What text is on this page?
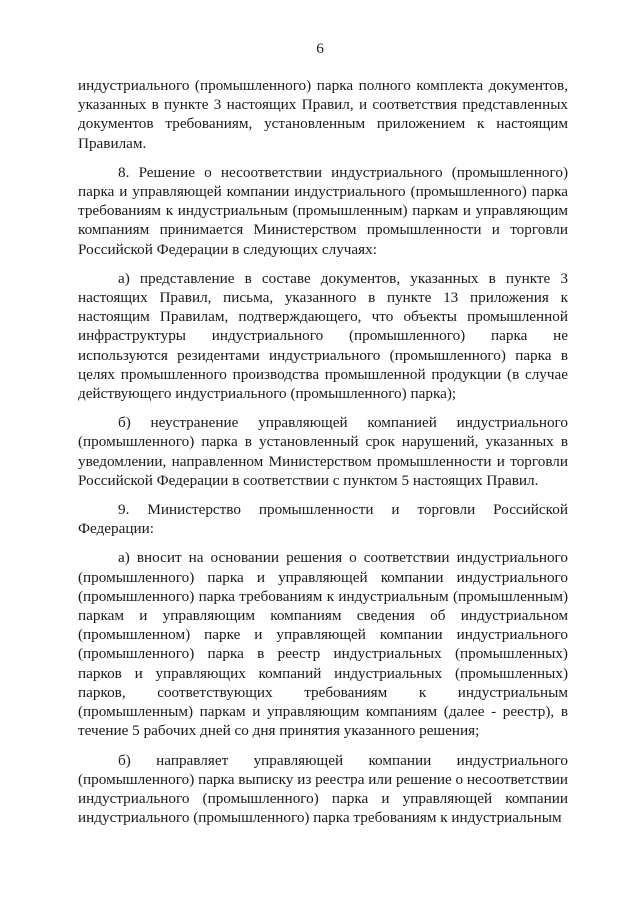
6

индустриального (промышленного) парка полного комплекта документов, указанных в пункте 3 настоящих Правил, и соответствия представленных документов требованиям, установленным приложением к настоящим Правилам.

8. Решение о несоответствии индустриального (промышленного) парка и управляющей компании индустриального (промышленного) парка требованиям к индустриальным (промышленным) паркам и управляющим компаниям принимается Министерством промышленности и торговли Российской Федерации в следующих случаях:

а) представление в составе документов, указанных в пункте 3 настоящих Правил, письма, указанного в пункте 13 приложения к настоящим Правилам, подтверждающего, что объекты промышленной инфраструктуры индустриального (промышленного) парка не используются резидентами индустриального (промышленного) парка в целях промышленного производства промышленной продукции (в случае действующего индустриального (промышленного) парка);

б) неустранение управляющей компанией индустриального (промышленного) парка в установленный срок нарушений, указанных в уведомлении, направленном Министерством промышленности и торговли Российской Федерации в соответствии с пунктом 5 настоящих Правил.

9. Министерство промышленности и торговли Российской Федерации:

а) вносит на основании решения о соответствии индустриального (промышленного) парка и управляющей компании индустриального (промышленного) парка требованиям к индустриальным (промышленным) паркам и управляющим компаниям сведения об индустриальном (промышленном) парке и управляющей компании индустриального (промышленного) парка в реестр индустриальных (промышленных) парков и управляющих компаний индустриальных (промышленных) парков, соответствующих требованиям к индустриальным (промышленным) паркам и управляющим компаниям (далее - реестр), в течение 5 рабочих дней со дня принятия указанного решения;

б) направляет управляющей компании индустриального (промышленного) парка выписку из реестра или решение о несоответствии индустриального (промышленного) парка и управляющей компании индустриального (промышленного) парка требованиям к индустриальным
